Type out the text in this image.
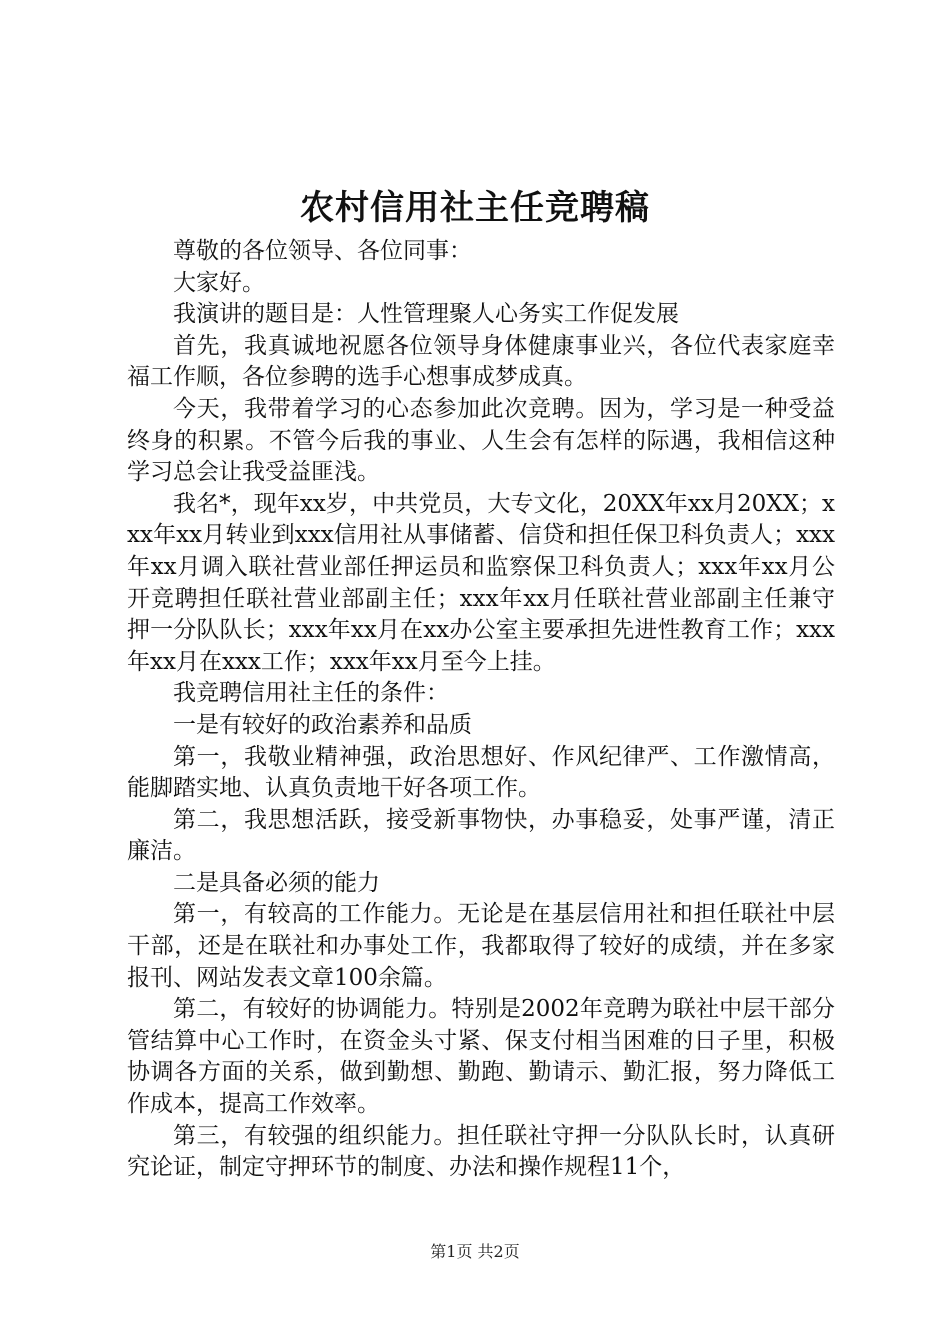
农村信用社主任竞聘稿

尊敬的各位领导、各位同事：

大家好。

我演讲的题目是：人性管理聚人心务实工作促发展

首先，我真诚地祝愿各位领导身体健康事业兴，各位代表家庭幸福工作顺，各位参聘的选手心想事成梦成真。

今天，我带着学习的心态参加此次竞聘。因为，学习是一种受益终身的积累。不管今后我的事业、人生会有怎样的际遇，我相信这种学习总会让我受益匪浅。

我名*，现年xx岁，中共党员，大专文化，20XX年xx月20XX；xxx年xx月转业到xxx信用社从事储蓄、信贷和担任保卫科负责人；xxx年xx月调入联社营业部任押运员和监察保卫科负责人；xxx年xx月公开竞聘担任联社营业部副主任；xxx年xx月任联社营业部副主任兼守押一分队队长；xxx年xx月在xx办公室主要承担先进性教育工作；xxx年xx月在xxx工作；xxx年xx月至今上挂。

我竞聘信用社主任的条件：

一是有较好的政治素养和品质

第一，我敬业精神强，政治思想好、作风纪律严、工作激情高，能脚踏实地、认真负责地干好各项工作。

第二，我思想活跃，接受新事物快，办事稳妥，处事严谨，清正廉洁。

二是具备必须的能力

第一，有较高的工作能力。无论是在基层信用社和担任联社中层干部，还是在联社和办事处工作，我都取得了较好的成绩，并在多家报刊、网站发表文章100余篇。

第二，有较好的协调能力。特别是2002年竞聘为联社中层干部分管结算中心工作时，在资金头寸紧、保支付相当困难的日子里，积极协调各方面的关系，做到勤想、勤跑、勤请示、勤汇报，努力降低工作成本，提高工作效率。

第三，有较强的组织能力。担任联社守押一分队队长时，认真研究论证，制定守押环节的制度、办法和操作规程11个，

第1页 共2页
